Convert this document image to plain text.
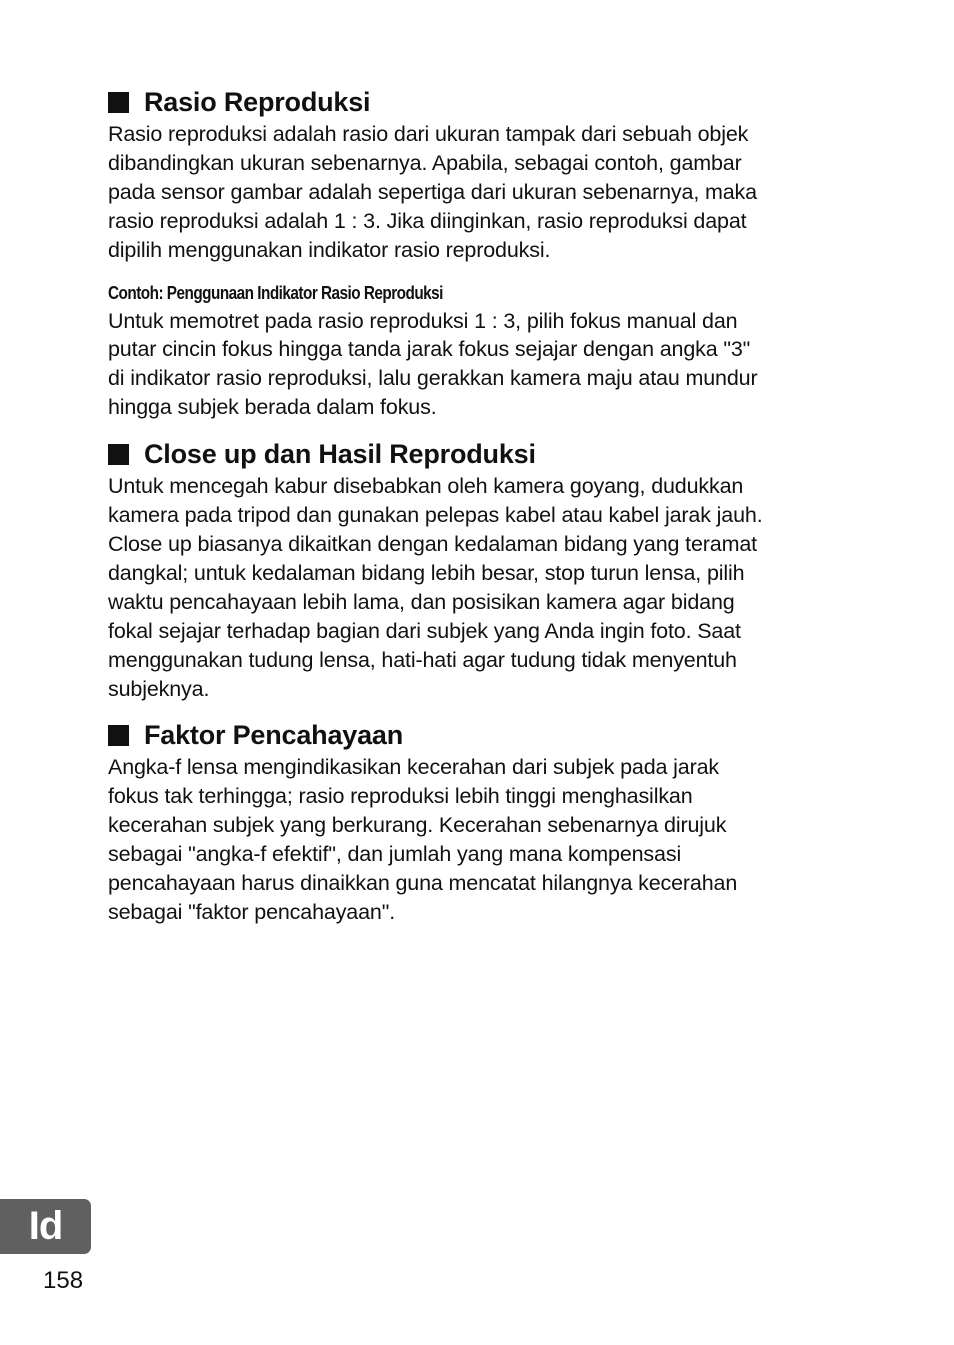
Rasio Reproduksi

Rasio reproduksi adalah rasio dari ukuran tampak dari sebuah objek
dibandingkan ukuran sebenarnya. Apabila, sebagai contoh, gambar
pada sensor gambar adalah sepertiga dari ukuran sebenarnya, maka
rasio reproduksi adalah 1 : 3. Jika diinginkan, rasio reproduksi dapat
dipilih menggunakan indikator rasio reproduksi.

Contoh: Penggunaan Indikator Rasio Reproduksi

Untuk memotret pada rasio reproduksi 1 : 3, pilih fokus manual dan
putar cincin fokus hingga tanda jarak fokus sejajar dengan angka "3"
di indikator rasio reproduksi, lalu gerakkan kamera maju atau mundur
hingga subjek berada dalam fokus.

Close up dan Hasil Reproduksi

Untuk mencegah kabur disebabkan oleh kamera goyang, dudukkan
kamera pada tripod dan gunakan pelepas kabel atau kabel jarak jauh.
Close up biasanya dikaitkan dengan kedalaman bidang yang teramat
dangkal; untuk kedalaman bidang lebih besar, stop turun lensa, pilih
waktu pencahayaan lebih lama, dan posisikan kamera agar bidang
fokal sejajar terhadap bagian dari subjek yang Anda ingin foto. Saat
menggunakan tudung lensa, hati-hati agar tudung tidak menyentuh
subjeknya.

Faktor Pencahayaan

Angka-f lensa mengindikasikan kecerahan dari subjek pada jarak
fokus tak terhingga; rasio reproduksi lebih tinggi menghasilkan
kecerahan subjek yang berkurang. Kecerahan sebenarnya dirujuk
sebagai "angka-f efektif", dan jumlah yang mana kompensasi
pencahayaan harus dinaikkan guna mencatat hilangnya kecerahan
sebagai "faktor pencahayaan".

Id
158
